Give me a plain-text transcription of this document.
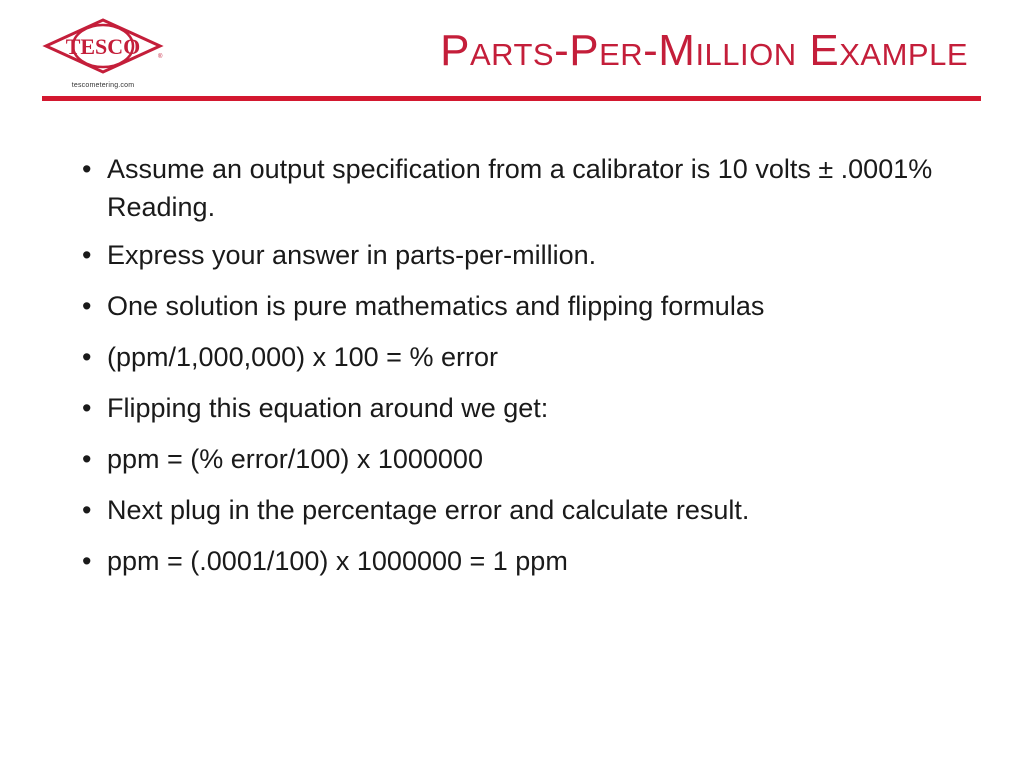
TESCO	®
tescometering.com
Parts-Per-Million Example
• Assume an output specification from a calibrator is 10 volts ± .0001% Reading.
• Express your answer in parts-per-million.
• One solution is pure mathematics and flipping formulas
• (ppm/1,000,000) x 100 = % error
• Flipping this equation around we get:
• ppm = (% error/100) x 1000000
• Next plug in the percentage error and calculate result.
• ppm = (.0001/100) x 1000000 = 1 ppm
